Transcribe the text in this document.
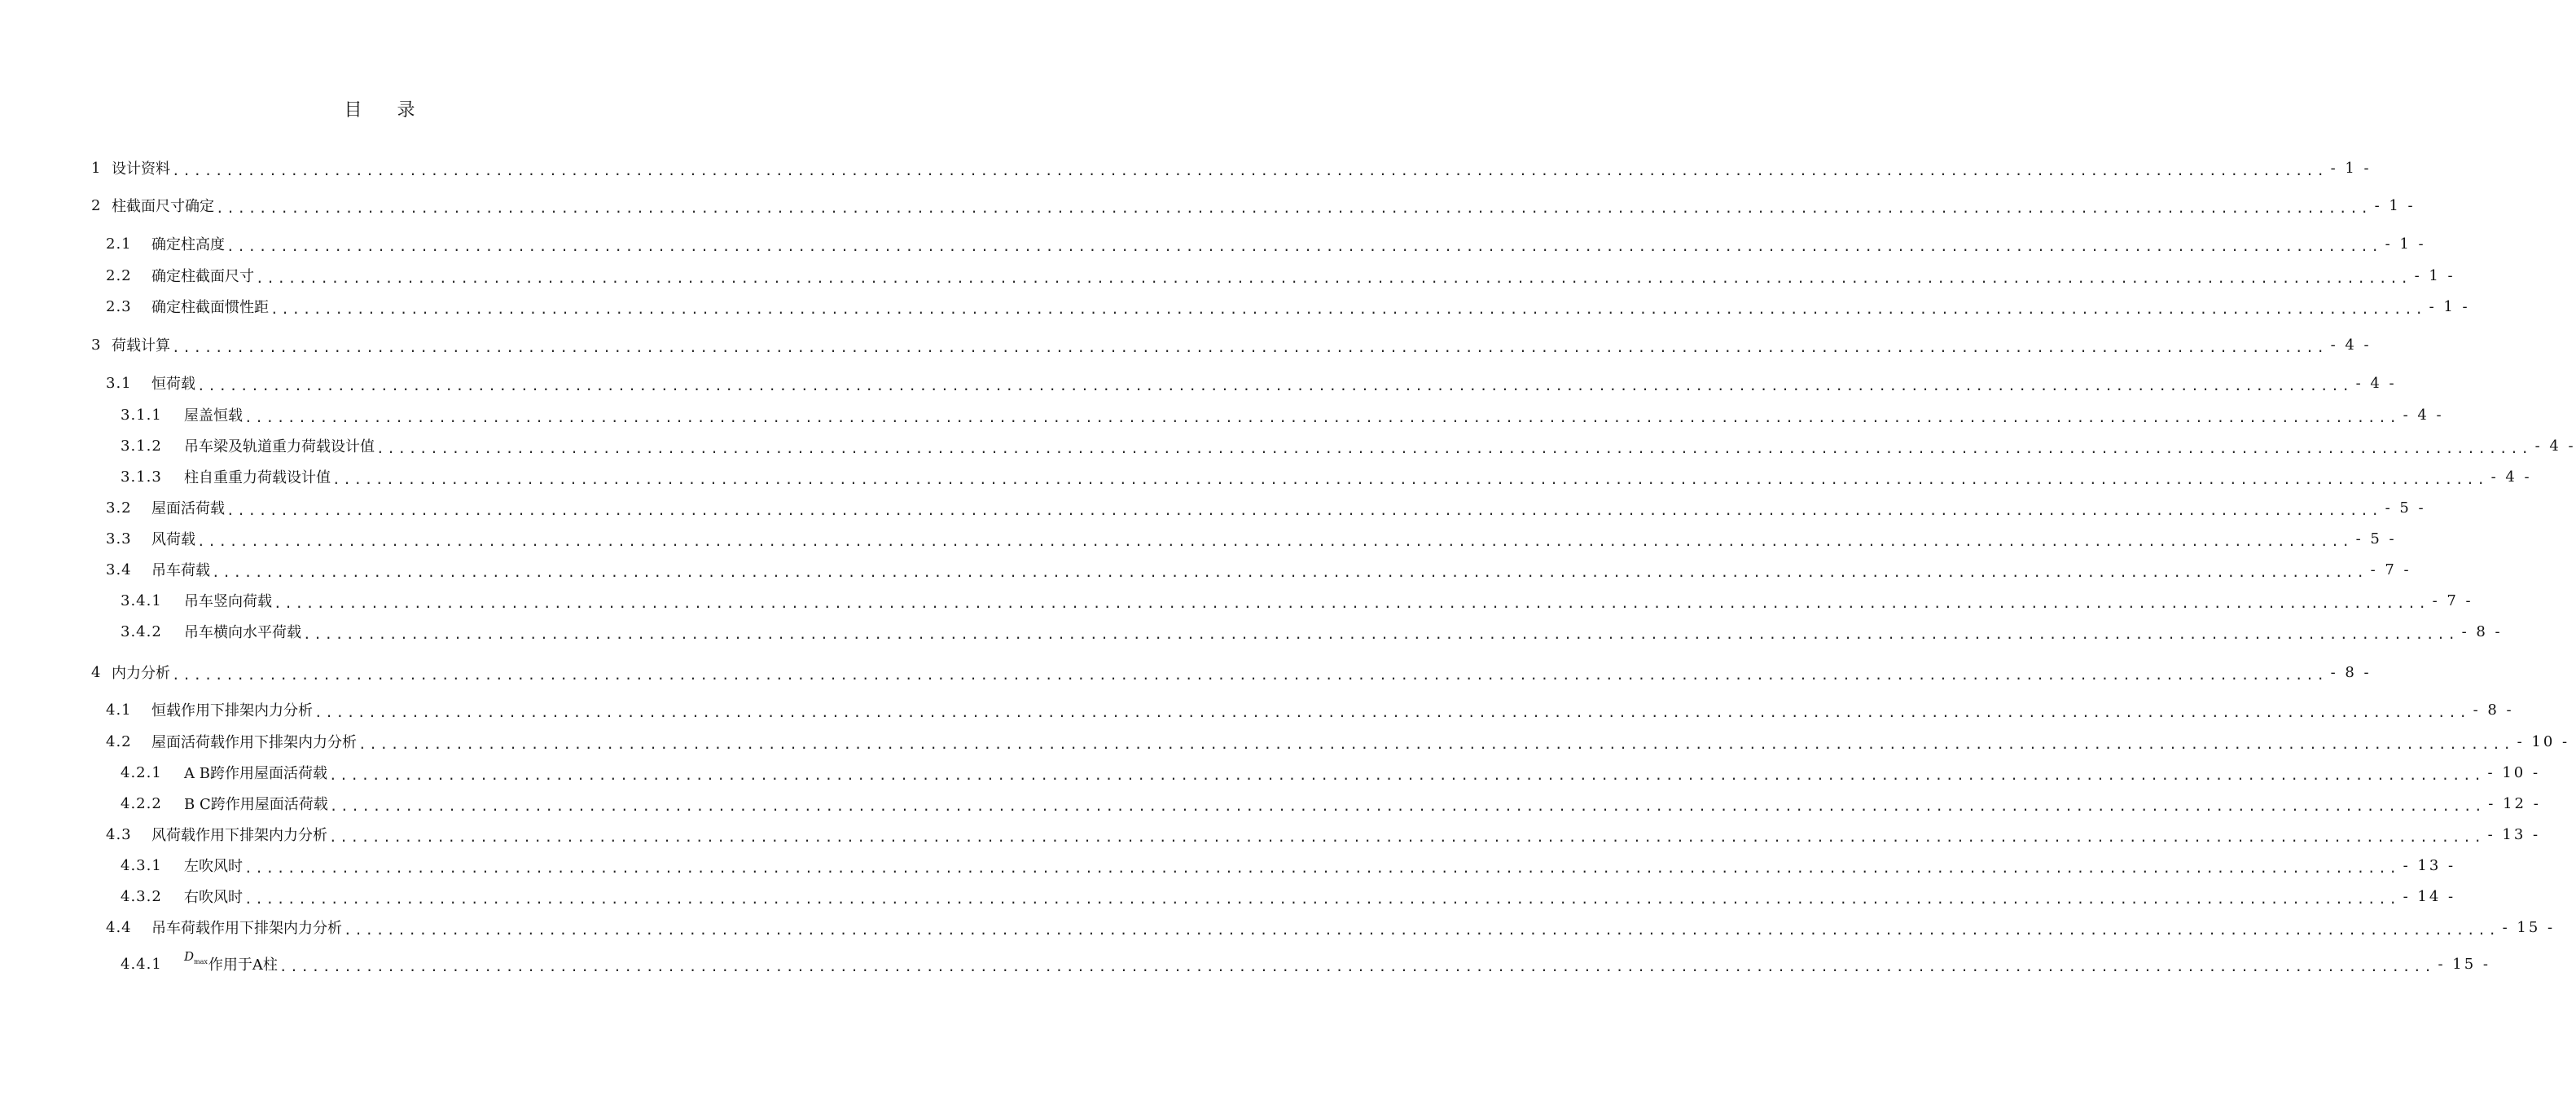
目 录
1 设计资料 ........................................................................................................................................................................................................ - 1 -
2 柱截面尺寸确定 ........................................................................................................................................................................................................ - 1 -
2.1	确定柱高度 ........................................................................................................................................................................................................ - 1 -
2.2	确定柱截面尺寸 ........................................................................................................................................................................................................ - 1 -
2.3	确定柱截面惯性距 ........................................................................................................................................................................................................ - 1 -
3 荷载计算 ........................................................................................................................................................................................................ - 4 -
3.1	恒荷载 ........................................................................................................................................................................................................ - 4 -
3.1.1	屋盖恒载 ........................................................................................................................................................................................................ - 4 -
3.1.2	吊车梁及轨道重力荷载设计值 ........................................................................................................................................................................................................ - 4 -
3.1.3	柱自重重力荷载设计值 ........................................................................................................................................................................................................ - 4 -
3.2	屋面活荷载 ........................................................................................................................................................................................................ - 5 -
3.3	风荷载 ........................................................................................................................................................................................................ - 5 -
3.4	吊车荷载 ........................................................................................................................................................................................................ - 7 -
3.4.1	吊车竖向荷载 ........................................................................................................................................................................................................ - 7 -
3.4.2	吊车横向水平荷载 ........................................................................................................................................................................................................ - 8 -
4 内力分析 ........................................................................................................................................................................................................ - 8 -
4.1	恒载作用下排架内力分析 ........................................................................................................................................................................................................ - 8 -
4.2	屋面活荷载作用下排架内力分析 ........................................................................................................................................................................................................ - 10 -
4.2.1	A B跨作用屋面活荷载 ........................................................................................................................................................................................................ - 10 -
4.2.2	B C跨作用屋面活荷载 ........................................................................................................................................................................................................ - 12 -
4.3	风荷载作用下排架内力分析 ........................................................................................................................................................................................................ - 13 -
4.3.1	左吹风时 ........................................................................................................................................................................................................ - 13 -
4.3.2	右吹风时 ........................................................................................................................................................................................................ - 14 -
4.4	吊车荷载作用下排架内力分析 ........................................................................................................................................................................................................ - 15 -
4.4.1	$D_{max}$ 作用于A柱 ........................................................................................................................................................................................................ - 15 -
